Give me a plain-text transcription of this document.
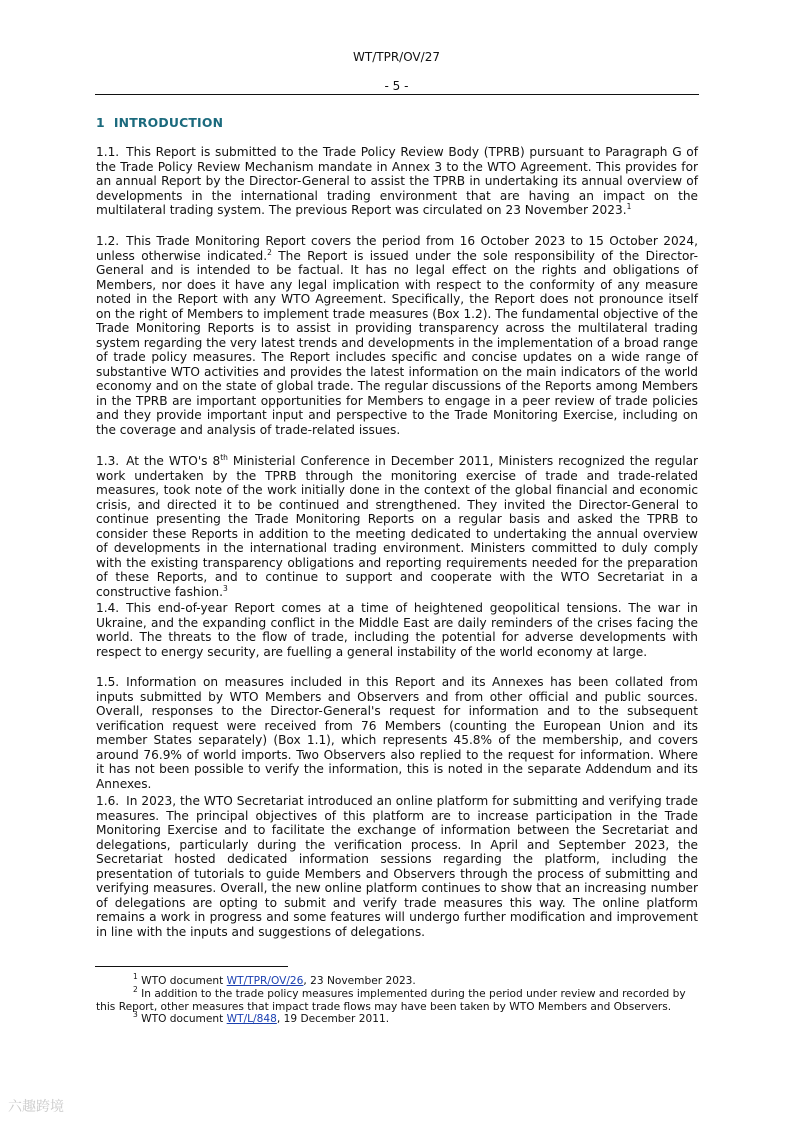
WT/TPR/OV/27
- 5 -
1 INTRODUCTION
1.1. This Report is submitted to the Trade Policy Review Body (TPRB) pursuant to Paragraph G of the Trade Policy Review Mechanism mandate in Annex 3 to the WTO Agreement. This provides for an annual Report by the Director-General to assist the TPRB in undertaking its annual overview of developments in the international trading environment that are having an impact on the multilateral trading system. The previous Report was circulated on 23 November 2023.$^1$
1.2. This Trade Monitoring Report covers the period from 16 October 2023 to 15 October 2024, unless otherwise indicated.$^2$ The Report is issued under the sole responsibility of the Director-General and is intended to be factual. It has no legal effect on the rights and obligations of Members, nor does it have any legal implication with respect to the conformity of any measure noted in the Report with any WTO Agreement. Specifically, the Report does not pronounce itself on the right of Members to implement trade measures (Box 1.2). The fundamental objective of the Trade Monitoring Reports is to assist in providing transparency across the multilateral trading system regarding the very latest trends and developments in the implementation of a broad range of trade policy measures. The Report includes specific and concise updates on a wide range of substantive WTO activities and provides the latest information on the main indicators of the world economy and on the state of global trade. The regular discussions of the Reports among Members in the TPRB are important opportunities for Members to engage in a peer review of trade policies and they provide important input and perspective to the Trade Monitoring Exercise, including on the coverage and analysis of trade-related issues.
1.3. At the WTO's 8th Ministerial Conference in December 2011, Ministers recognized the regular work undertaken by the TPRB through the monitoring exercise of trade and trade-related measures, took note of the work initially done in the context of the global financial and economic crisis, and directed it to be continued and strengthened. They invited the Director-General to continue presenting the Trade Monitoring Reports on a regular basis and asked the TPRB to consider these Reports in addition to the meeting dedicated to undertaking the annual overview of developments in the international trading environment. Ministers committed to duly comply with the existing transparency obligations and reporting requirements needed for the preparation of these Reports, and to continue to support and cooperate with the WTO Secretariat in a constructive fashion.$^3$
1.4. This end-of-year Report comes at a time of heightened geopolitical tensions. The war in Ukraine, and the expanding conflict in the Middle East are daily reminders of the crises facing the world. The threats to the flow of trade, including the potential for adverse developments with respect to energy security, are fuelling a general instability of the world economy at large.
1.5. Information on measures included in this Report and its Annexes has been collated from inputs submitted by WTO Members and Observers and from other official and public sources. Overall, responses to the Director-General's request for information and to the subsequent verification request were received from 76 Members (counting the European Union and its member States separately) (Box 1.1), which represents 45.8% of the membership, and covers around 76.9% of world imports. Two Observers also replied to the request for information. Where it has not been possible to verify the information, this is noted in the separate Addendum and its Annexes.
1.6. In 2023, the WTO Secretariat introduced an online platform for submitting and verifying trade measures. The principal objectives of this platform are to increase participation in the Trade Monitoring Exercise and to facilitate the exchange of information between the Secretariat and delegations, particularly during the verification process. In April and September 2023, the Secretariat hosted dedicated information sessions regarding the platform, including the presentation of tutorials to guide Members and Observers through the process of submitting and verifying measures. Overall, the new online platform continues to show that an increasing number of delegations are opting to submit and verify trade measures this way. The online platform remains a work in progress and some features will undergo further modification and improvement in line with the inputs and suggestions of delegations.
$^1$ WTO document WT/TPR/OV/26, 23 November 2023.
$^2$ In addition to the trade policy measures implemented during the period under review and recorded by this Report, other measures that impact trade flows may have been taken by WTO Members and Observers.
$^3$ WTO document WT/L/848, 19 December 2011.
六趣跨境
